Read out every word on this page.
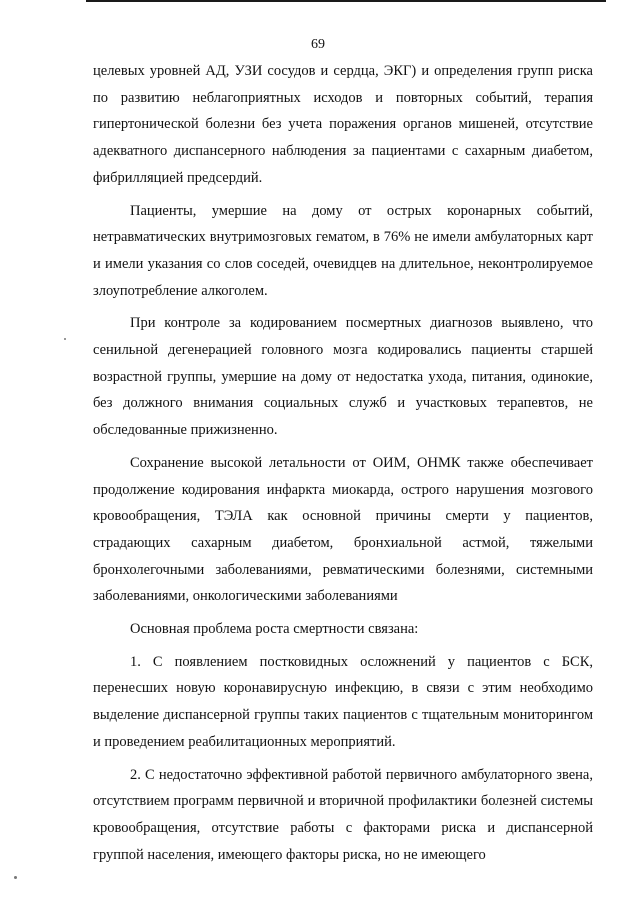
69

целевых уровней АД, УЗИ сосудов и сердца, ЭКГ) и определения групп риска по развитию неблагоприятных исходов и повторных событий, терапия гипертонической болезни без учета поражения органов мишеней, отсутствие адекватного диспансерного наблюдения за пациентами с сахарным диабетом, фибрилляцией предсердий.

Пациенты, умершие на дому от острых коронарных событий, нетравматических внутримозговых гематом, в 76% не имели амбулаторных карт и имели указания со слов соседей, очевидцев на длительное, неконтролируемое злоупотребление алкоголем.

При контроле за кодированием посмертных диагнозов выявлено, что сенильной дегенерацией головного мозга кодировались пациенты старшей возрастной группы, умершие на дому от недостатка ухода, питания, одинокие, без должного внимания социальных служб и участковых терапевтов, не обследованные прижизненно.

Сохранение высокой летальности от ОИМ, ОНМК также обеспечивает продолжение кодирования инфаркта миокарда, острого нарушения мозгового кровообращения, ТЭЛА как основной причины смерти у пациентов, страдающих сахарным диабетом, бронхиальной астмой, тяжелыми бронхолегочными заболеваниями, ревматическими болезнями, системными заболеваниями, онкологическими заболеваниями

Основная проблема роста смертности связана:

1. С появлением постковидных осложнений у пациентов с БСК, перенесших новую коронавирусную инфекцию, в связи с этим необходимо выделение диспансерной группы таких пациентов с тщательным мониторингом и проведением реабилитационных мероприятий.

2. С недостаточно эффективной работой первичного амбулаторного звена, отсутствием программ первичной и вторичной профилактики болезней системы кровообращения, отсутствие работы с факторами риска и диспансерной группой населения, имеющего факторы риска, но не имеющего
